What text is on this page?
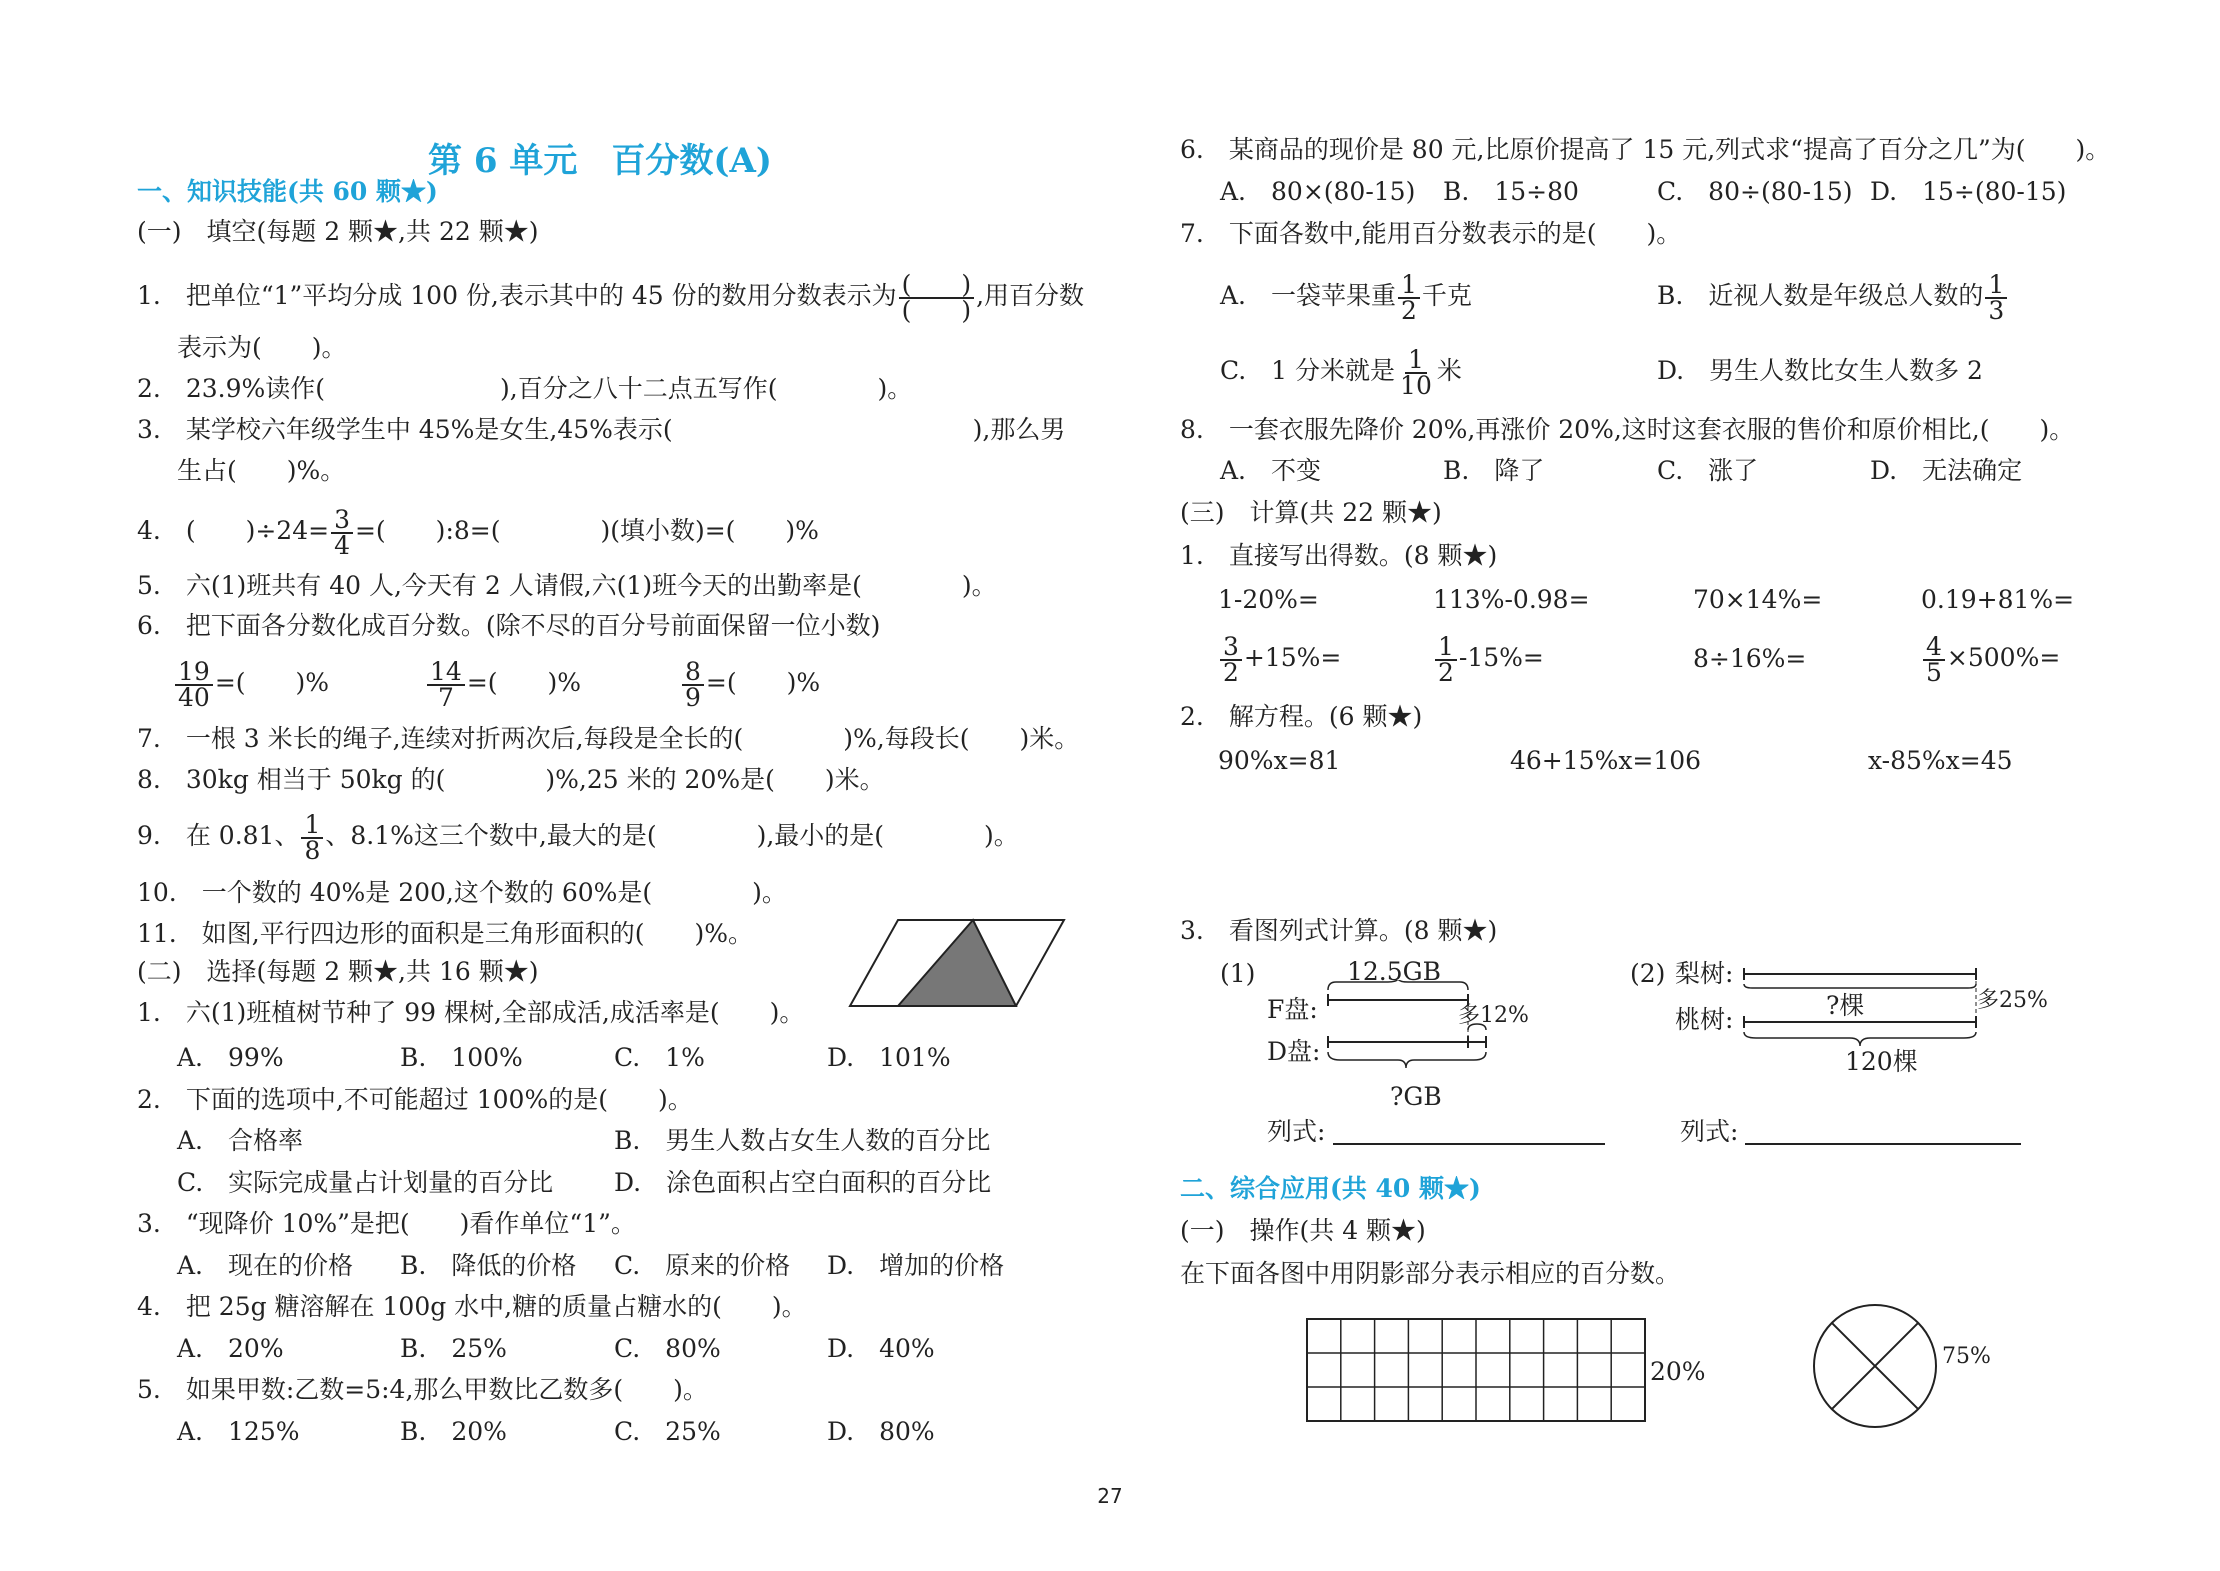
第 6 单元　百分数(A)
一、知识技能(共 60 颗★)
(一)　填空(每题 2 颗★,共 22 颗★)
1.　把单位“1”平均分成 100 份,表示其中的 45 份的数用分数表示为 $\frac{( )}{( )}$ ,用百分数
表示为(　　)。
2.　23.9%读作(　　　　　　　),百分之八十二点五写作(　　　　)。
3.　某学校六年级学生中 45%是女生,45%表示(　　　　　　　　　　　　),那么男
生占(　　)%。
4.　(　　)$\div 24= \frac{3}{4}$ =(　　):8=(　　　　)(填小数)=(　　)%
5.　六(1)班共有 40 人,今天有 2 人请假,六(1)班今天的出勤率是(　　　　)。
6.　把下面各分数化成百分数。(除不尽的百分号前面保留一位小数)
$\frac{19}{40}$ =(　　)%	$\frac{14}{7}$ =(　　)%	$\frac{8}{9}$ =(　　)%
7.　一根 3 米长的绳子,连续对折两次后,每段是全长的(　　　　)%,每段长(　　)米。
8.　30kg 相当于 50kg 的(　　　　)%,25 米的 20%是(　　)米。
9.　在 0.81、 $\frac{1}{8}$ 、8.1%这三个数中,最大的是(　　　　),最小的是(　　　　)。
10.　一个数的 40%是 200,这个数的 60%是(　　　　)。
11.　如图,平行四边形的面积是三角形面积的(　　)%。
(二)　选择(每题 2 颗★,共 16 颗★)
1.　六(1)班植树节种了 99 棵树,全部成活,成活率是(　　)。
A.　99%	B.　100%	C.　1%	D.　101%
2.　下面的选项中,不可能超过 100%的是(　　)。
A.　合格率	B.　男生人数占女生人数的百分比
C.　实际完成量占计划量的百分比 D.　涂色面积占空白面积的百分比
3.　“现降价 10%”是把(　　)看作单位“1”。
A.　现在的价格 B.　降低的价格 C.　原来的价格 D.　增加的价格
4.　把 25g 糖溶解在 100g 水中,糖的质量占糖水的(　　)。
A.　20%	B.　25%	C.　80%	D.　40%
5.　如果甲数:乙数=5:4,那么甲数比乙数多(　　)。
A.　125%	B.　20%	C.　25%	D.　80%
6.　某商品的现价是 80 元,比原价提高了 15 元,列式求“提高了百分之几”为(　　)。
A.　80×(80-15) B.　15÷80	C.　80÷(80-15) D.　15÷(80-15)
7.　下面各数中,能用百分数表示的是(　　)。
A.　一袋苹果重 $\frac{1}{2}$ 千克	B.　近视人数是年级总人数的 $\frac{1}{3}$
C.　1 分米就是 $\frac{1}{10}$ 米	D.　男生人数比女生人数多 2
8.　一套衣服先降价 20%,再涨价 20%,这时这套衣服的售价和原价相比,(　　)。
A.　不变	B.　降了	C.　涨了	D.　无法确定
(三)　计算(共 22 颗★)
1.　直接写出得数。(8 颗★)
1-20%=	113%-0.98=	70×14%=	0.19+81%=
$\frac{3}{2} +15\%=$	$\frac{1}{2} -15\%=$	8÷16%=	$\frac{4}{5} \times 500\%=$
2.　解方程。(6 颗★)
90%x=81	46+15%x=106	x-85%x=45
3.　看图列式计算。(8 颗★)
(1)	12.5GB
F盘:
D盘:
多12%
?GB
(2) 梨树:
桃树:	?棵	多25%
120棵
列式:	列式:
二、综合应用(共 40 颗★)
(一)　操作(共 4 颗★)
在下面各图中用阴影部分表示相应的百分数。
20%
75%
27
